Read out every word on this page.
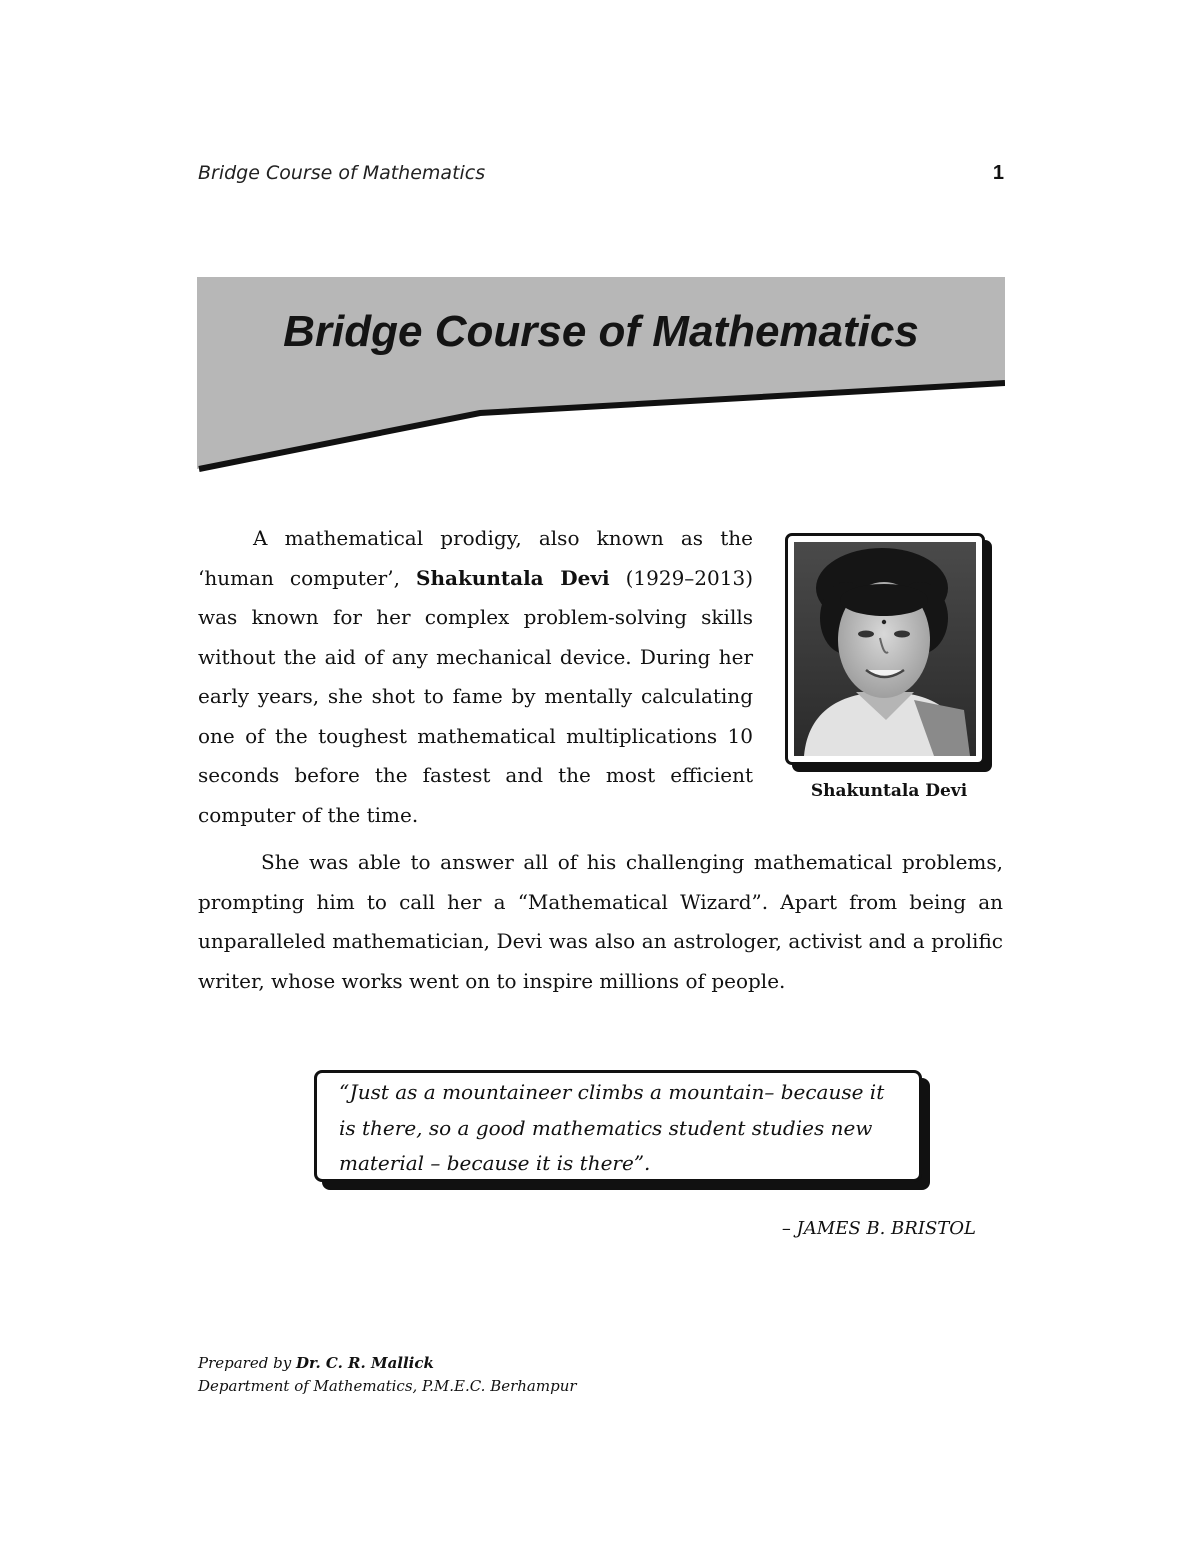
Bridge Course of Mathematics	1
Bridge Course of Mathematics

A mathematical prodigy, also known as the ‘human computer’, Shakuntala Devi (1929–2013) was known for her complex problem-solving skills without the aid of any mechanical device. During her early years, she shot to fame by mentally calculating one of the toughest mathematical multiplications 10 seconds before the fastest and the most efficient computer of the time.

Shakuntala Devi

She was able to answer all of his challenging mathematical problems, prompting him to call her a “Mathematical Wizard”. Apart from being an unparalleled mathematician, Devi was also an astrologer, activist and a prolific writer, whose works went on to inspire millions of people.

“Just as a mountaineer climbs a mountain– because it is there, so a good mathematics student studies new material – because it is there”.

– JAMES B. BRISTOL
Prepared by Dr. C. R. Mallick
Department of Mathematics, P.M.E.C. Berhampur
